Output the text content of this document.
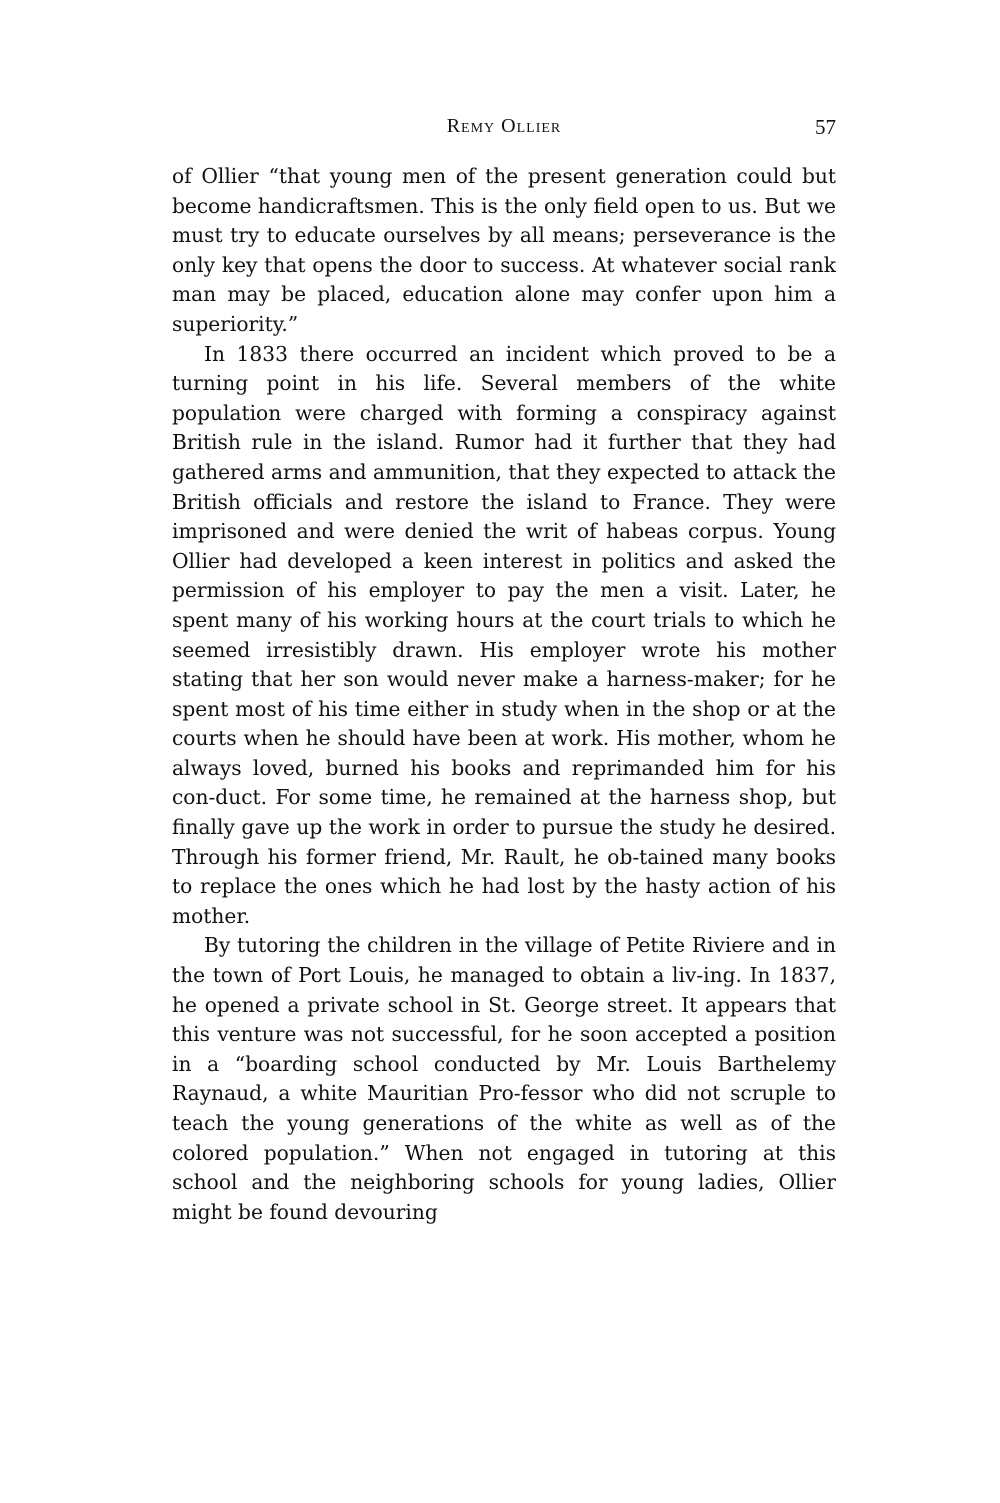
Remy Ollier	57

of Ollier “that young men of the present generation could but become handicraftsmen. This is the only field open to us. But we must try to educate ourselves by all means; perseverance is the only key that opens the door to success. At whatever social rank man may be placed, education alone may confer upon him a superiority.”

In 1833 there occurred an incident which proved to be a turning point in his life. Several members of the white population were charged with forming a conspiracy against British rule in the island. Rumor had it further that they had gathered arms and ammunition, that they expected to attack the British officials and restore the island to France. They were imprisoned and were denied the writ of habeas corpus. Young Ollier had developed a keen interest in politics and asked the permission of his employer to pay the men a visit. Later, he spent many of his working hours at the court trials to which he seemed irresistibly drawn. His employer wrote his mother stating that her son would never make a harness-maker; for he spent most of his time either in study when in the shop or at the courts when he should have been at work. His mother, whom he always loved, burned his books and reprimanded him for his con-duct. For some time, he remained at the harness shop, but finally gave up the work in order to pursue the study he desired. Through his former friend, Mr. Rault, he ob-tained many books to replace the ones which he had lost by the hasty action of his mother.

By tutoring the children in the village of Petite Riviere and in the town of Port Louis, he managed to obtain a liv-ing. In 1837, he opened a private school in St. George street. It appears that this venture was not successful, for he soon accepted a position in a “boarding school conducted by Mr. Louis Barthelemy Raynaud, a white Mauritian Pro-fessor who did not scruple to teach the young generations of the white as well as of the colored population.” When not engaged in tutoring at this school and the neighboring schools for young ladies, Ollier might be found devouring
